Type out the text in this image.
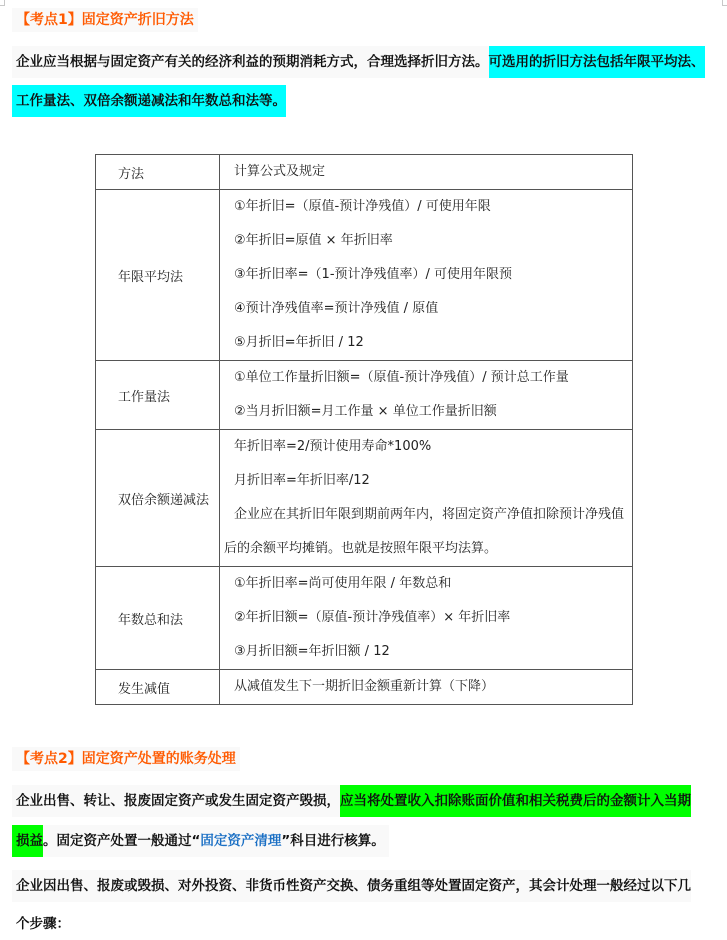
【考点1】固定资产折旧方法
企业应当根据与固定资产有关的经济利益的预期消耗方式，合理选择折旧方法。可选用的折旧方法包括年限平均法、
工作量法、双倍余额递减法和年数总和法等。
方法	计算公式及规定

年限平均法	①年折旧=（原值-预计净残值）/ 可使用年限
②年折旧=原值 × 年折旧率
③年折旧率=（1-预计净残值率）/ 可使用年限预
④预计净残值率=预计净残值 / 原值
⑤月折旧=年折旧 / 12

工作量法	①单位工作量折旧额=（原值-预计净残值）/ 预计总工作量
②当月折旧额=月工作量 × 单位工作量折旧额

双倍余额递减法	年折旧率=2/预计使用寿命*100%
月折旧率=年折旧率/12
企业应在其折旧年限到期前两年内，将固定资产净值扣除预计净残值
后的余额平均摊销。也就是按照年限平均法算。

年数总和法	①年折旧率=尚可使用年限 / 年数总和
②年折旧额=（原值-预计净残值率）× 年折旧率
③月折旧额=年折旧额 / 12

发生减值	从减值发生下一期折旧金额重新计算（下降）
【考点2】固定资产处置的账务处理
企业出售、转让、报废固定资产或发生固定资产毁损，应当将处置收入扣除账面价值和相关税费后的金额计入当期
损益。固定资产处置一般通过“固定资产清理”科目进行核算。
企业因出售、报废或毁损、对外投资、非货币性资产交换、债务重组等处置固定资产，其会计处理一般经过以下几
个步骤：
